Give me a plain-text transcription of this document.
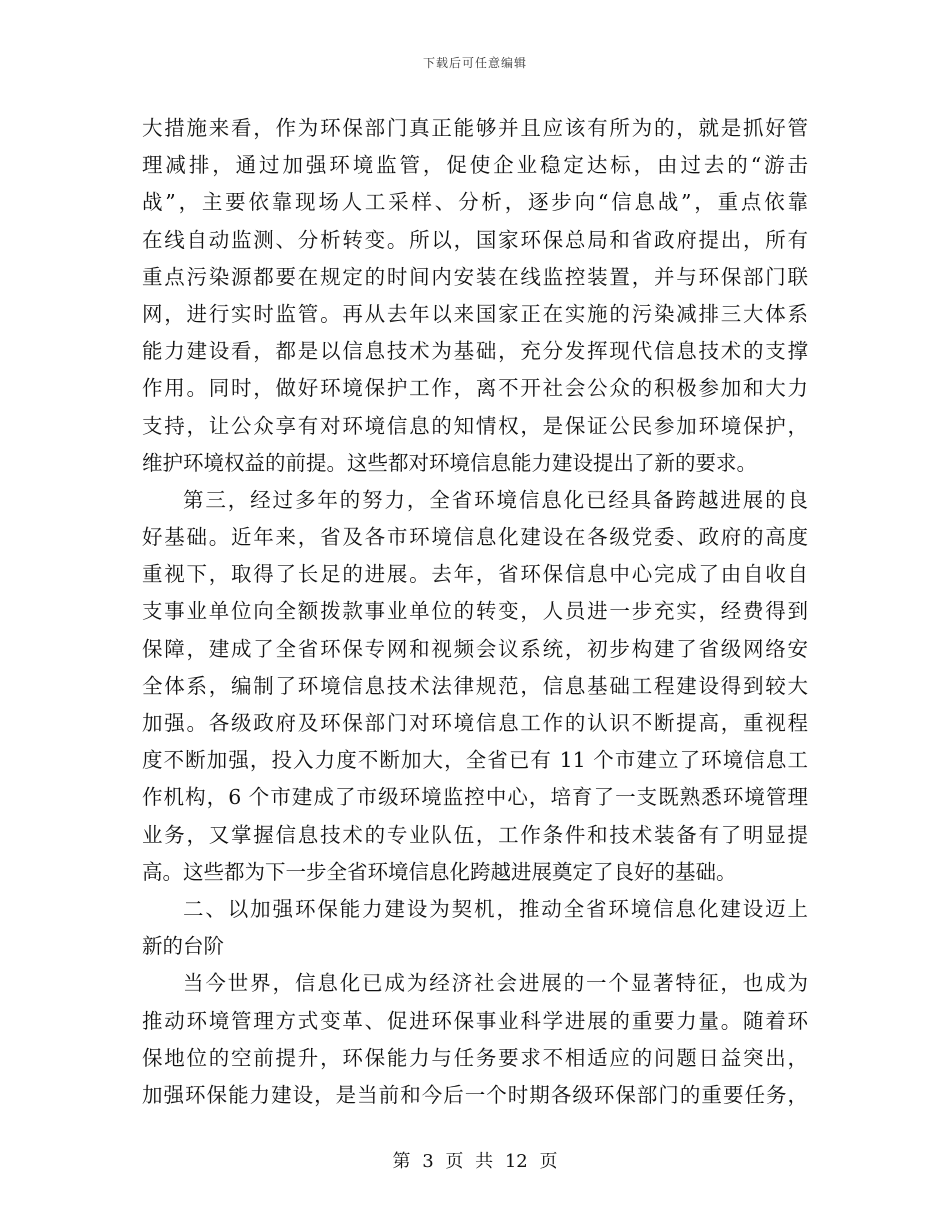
下载后可任意编辑
大措施来看，作为环保部门真正能够并且应该有所为的，就是抓好管
理减排，通过加强环境监管，促使企业稳定达标，由过去的“游击
战”，主要依靠现场人工采样、分析，逐步向“信息战”，重点依靠
在线自动监测、分析转变。所以，国家环保总局和省政府提出，所有
重点污染源都要在规定的时间内安装在线监控装置，并与环保部门联
网，进行实时监管。再从去年以来国家正在实施的污染减排三大体系
能力建设看，都是以信息技术为基础，充分发挥现代信息技术的支撑
作用。同时，做好环境保护工作，离不开社会公众的积极参加和大力
支持，让公众享有对环境信息的知情权，是保证公民参加环境保护，
维护环境权益的前提。这些都对环境信息能力建设提出了新的要求。
第三，经过多年的努力，全省环境信息化已经具备跨越进展的良
好基础。近年来，省及各市环境信息化建设在各级党委、政府的高度
重视下，取得了长足的进展。去年，省环保信息中心完成了由自收自
支事业单位向全额拨款事业单位的转变，人员进一步充实，经费得到
保障，建成了全省环保专网和视频会议系统，初步构建了省级网络安
全体系，编制了环境信息技术法律规范，信息基础工程建设得到较大
加强。各级政府及环保部门对环境信息工作的认识不断提高，重视程
度不断加强，投入力度不断加大，全省已有 11 个市建立了环境信息工
作机构，6 个市建成了市级环境监控中心，培育了一支既熟悉环境管理
业务，又掌握信息技术的专业队伍，工作条件和技术装备有了明显提
高。这些都为下一步全省环境信息化跨越进展奠定了良好的基础。
二、以加强环保能力建设为契机，推动全省环境信息化建设迈上
新的台阶
当今世界，信息化已成为经济社会进展的一个显著特征，也成为
推动环境管理方式变革、促进环保事业科学进展的重要力量。随着环
保地位的空前提升，环保能力与任务要求不相适应的问题日益突出，
加强环保能力建设，是当前和今后一个时期各级环保部门的重要任务，
第 3 页 共 12 页
